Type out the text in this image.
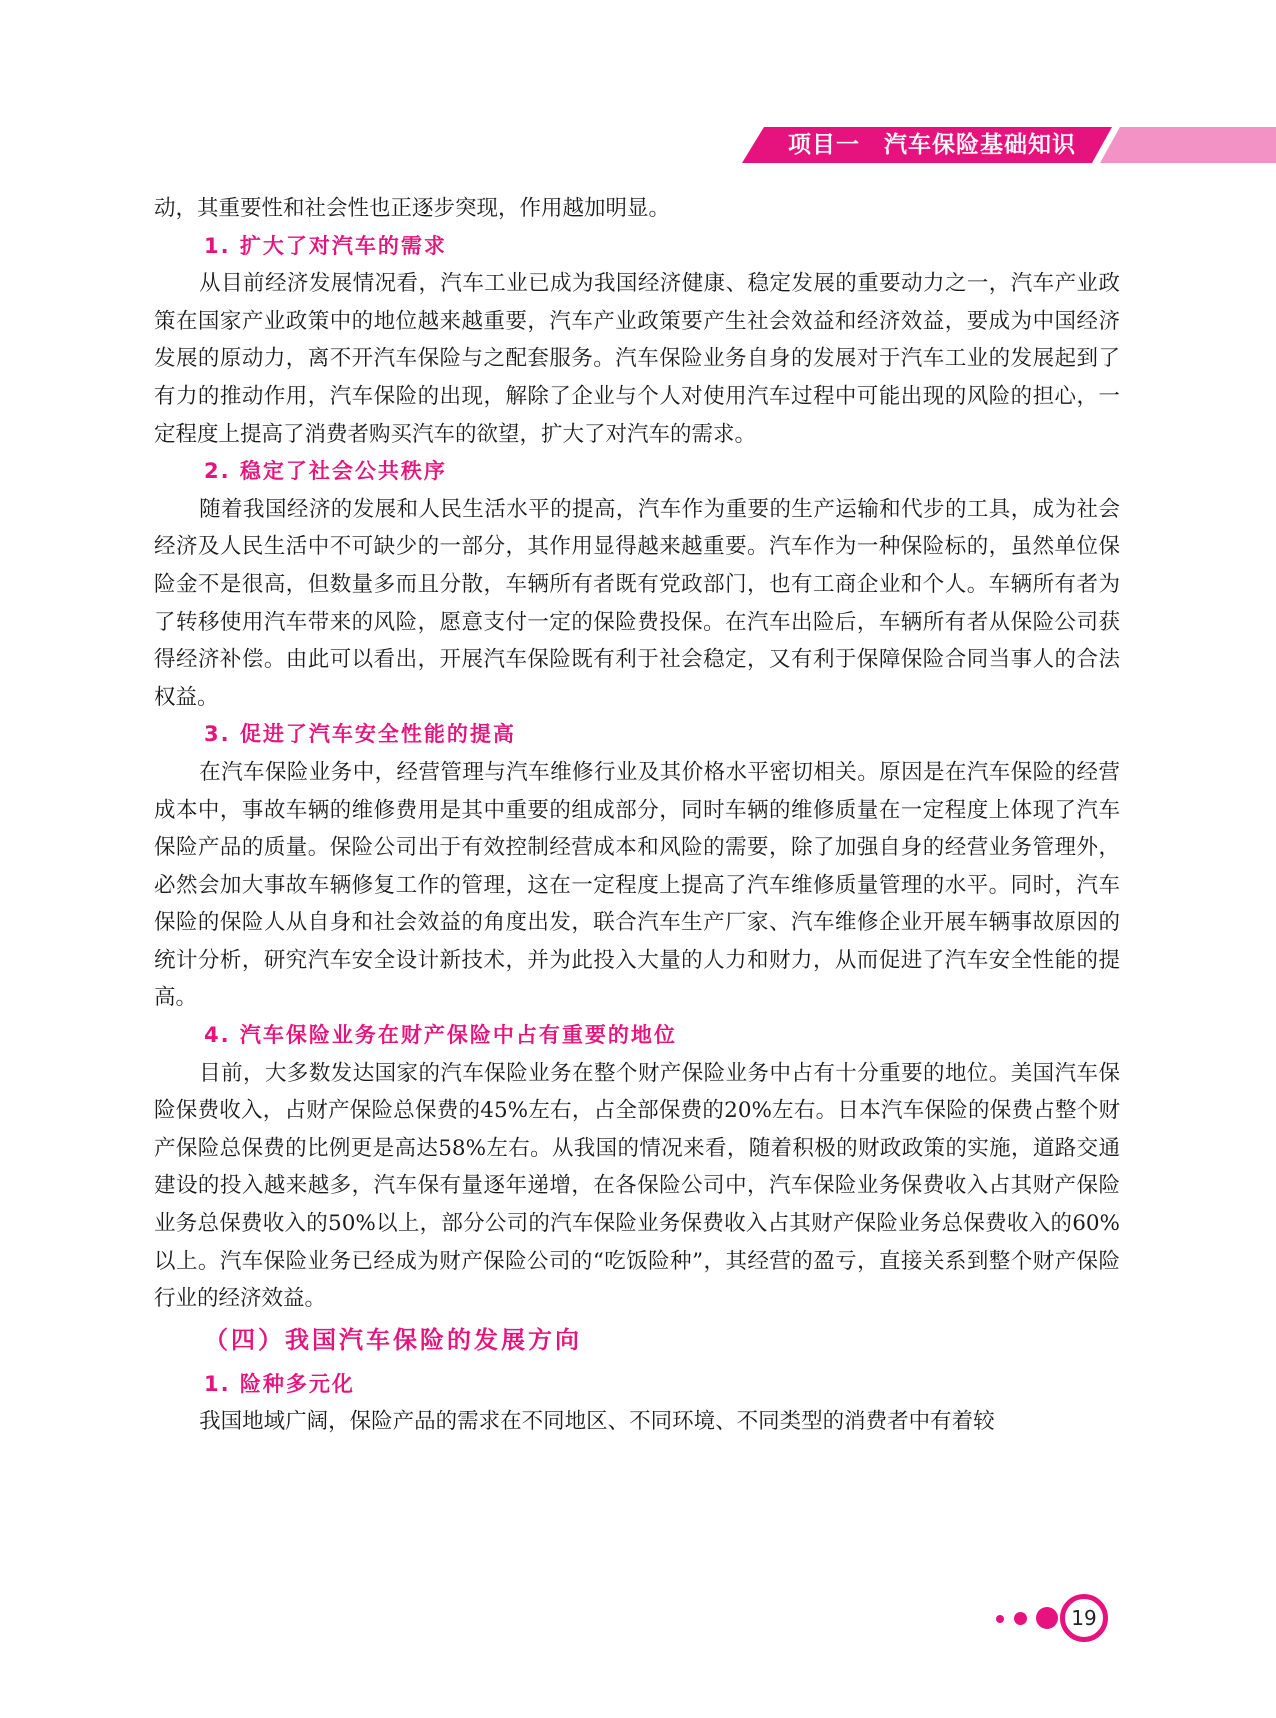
项目一　汽车保险基础知识

动，其重要性和社会性也正逐步突现，作用越加明显。

1. 扩大了对汽车的需求

从目前经济发展情况看，汽车工业已成为我国经济健康、稳定发展的重要动力之一，汽车产业政策在国家产业政策中的地位越来越重要，汽车产业政策要产生社会效益和经济效益，要成为中国经济发展的原动力，离不开汽车保险与之配套服务。汽车保险业务自身的发展对于汽车工业的发展起到了有力的推动作用，汽车保险的出现，解除了企业与个人对使用汽车过程中可能出现的风险的担心，一定程度上提高了消费者购买汽车的欲望，扩大了对汽车的需求。

2. 稳定了社会公共秩序

随着我国经济的发展和人民生活水平的提高，汽车作为重要的生产运输和代步的工具，成为社会经济及人民生活中不可缺少的一部分，其作用显得越来越重要。汽车作为一种保险标的，虽然单位保险金不是很高，但数量多而且分散，车辆所有者既有党政部门，也有工商企业和个人。车辆所有者为了转移使用汽车带来的风险，愿意支付一定的保险费投保。在汽车出险后，车辆所有者从保险公司获得经济补偿。由此可以看出，开展汽车保险既有利于社会稳定，又有利于保障保险合同当事人的合法权益。

3. 促进了汽车安全性能的提高

在汽车保险业务中，经营管理与汽车维修行业及其价格水平密切相关。原因是在汽车保险的经营成本中，事故车辆的维修费用是其中重要的组成部分，同时车辆的维修质量在一定程度上体现了汽车保险产品的质量。保险公司出于有效控制经营成本和风险的需要，除了加强自身的经营业务管理外，必然会加大事故车辆修复工作的管理，这在一定程度上提高了汽车维修质量管理的水平。同时，汽车保险的保险人从自身和社会效益的角度出发，联合汽车生产厂家、汽车维修企业开展车辆事故原因的统计分析，研究汽车安全设计新技术，并为此投入大量的人力和财力，从而促进了汽车安全性能的提高。

4. 汽车保险业务在财产保险中占有重要的地位

目前，大多数发达国家的汽车保险业务在整个财产保险业务中占有十分重要的地位。美国汽车保险保费收入，占财产保险总保费的45%左右，占全部保费的20%左右。日本汽车保险的保费占整个财产保险总保费的比例更是高达58%左右。从我国的情况来看，随着积极的财政政策的实施，道路交通建设的投入越来越多，汽车保有量逐年递增，在各保险公司中，汽车保险业务保费收入占其财产保险业务总保费收入的50%以上，部分公司的汽车保险业务保费收入占其财产保险业务总保费收入的60%以上。汽车保险业务已经成为财产保险公司的“吃饭险种”，其经营的盈亏，直接关系到整个财产保险行业的经济效益。

（四）我国汽车保险的发展方向

1. 险种多元化

我国地域广阔，保险产品的需求在不同地区、不同环境、不同类型的消费者中有着较

19
